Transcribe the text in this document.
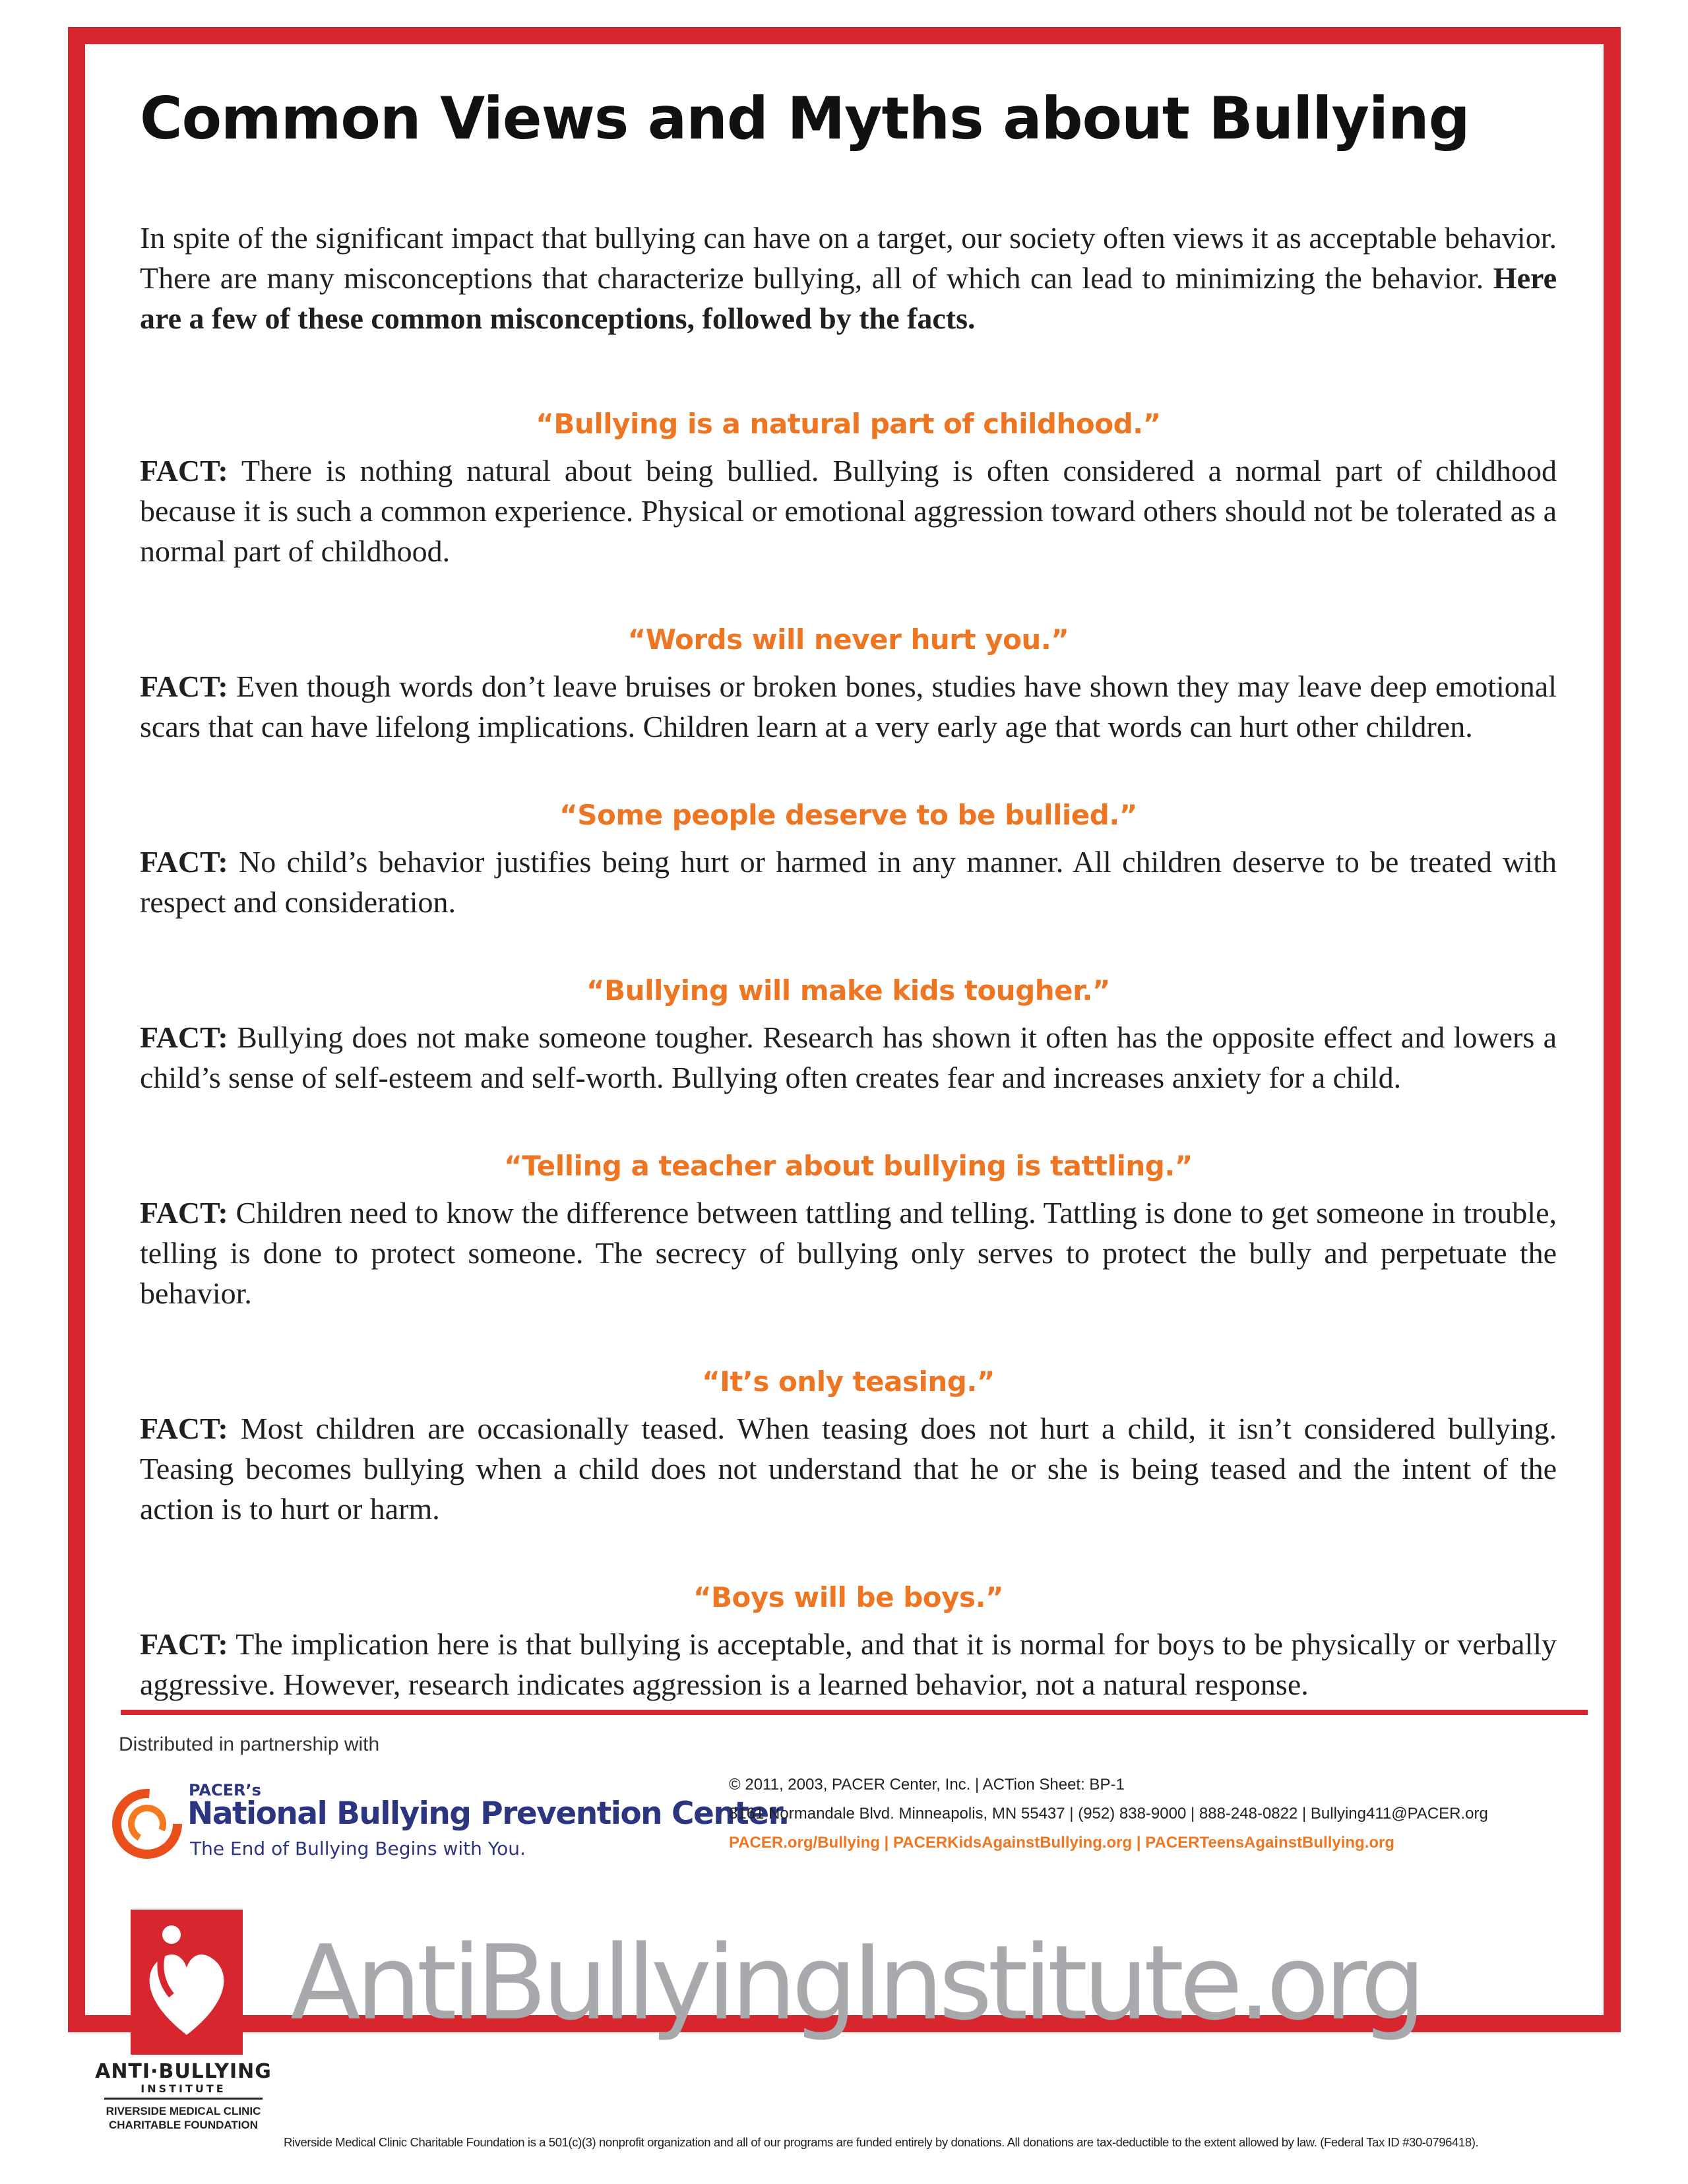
Common Views and Myths about Bullying

In spite of the significant impact that bullying can have on a target, our society often views it as acceptable behavior. There are many misconceptions that characterize bullying, all of which can lead to minimizing the behavior. Here are a few of these common misconceptions, followed by the facts.

“Bullying is a natural part of childhood.”

FACT: There is nothing natural about being bullied. Bullying is often considered a normal part of childhood because it is such a common experience. Physical or emotional aggression toward others should not be tolerated as a normal part of childhood.

“Words will never hurt you.”

FACT: Even though words don’t leave bruises or broken bones, studies have shown they may leave deep emotional scars that can have lifelong implications. Children learn at a very early age that words can hurt other children.

“Some people deserve to be bullied.”

FACT: No child’s behavior justifies being hurt or harmed in any manner. All children deserve to be treated with respect and consideration.

“Bullying will make kids tougher.”

FACT: Bullying does not make someone tougher. Research has shown it often has the opposite effect and lowers a child’s sense of self-esteem and self-worth. Bullying often creates fear and increases anxiety for a child.

“Telling a teacher about bullying is tattling.”

FACT: Children need to know the difference between tattling and telling. Tattling is done to get someone in trouble, telling is done to protect someone. The secrecy of bullying only serves to protect the bully and perpetuate the behavior.

“It’s only teasing.”

FACT: Most children are occasionally teased. When teasing does not hurt a child, it isn’t considered bullying. Teasing becomes bullying when a child does not understand that he or she is being teased and the intent of the action is to hurt or harm.

“Boys will be boys.”

FACT: The implication here is that bullying is acceptable, and that it is normal for boys to be physically or verbally aggressive. However, research indicates aggression is a learned behavior, not a natural response.

Distributed in partnership with

PACER’s
National Bullying Prevention Center.
The End of Bullying Begins with You.
© 2011, 2003, PACER Center, Inc. | ACTion Sheet: BP-1
8161 Normandale Blvd. Minneapolis, MN 55437 | (952) 838-9000 | 888-248-0822 | Bullying411@PACER.org
PACER.org/Bullying | PACERKidsAgainstBullying.org | PACERTeensAgainstBullying.org
ANTI·BULLYING
INSTITUTE
RIVERSIDE MEDICAL CLINIC
CHARITABLE FOUNDATION

AntiBullyingInstitute.org

Riverside Medical Clinic Charitable Foundation is a 501(c)(3) nonprofit organization and all of our programs are funded entirely by donations. All donations are tax-deductible to the extent allowed by law. (Federal Tax ID #30-0796418).
